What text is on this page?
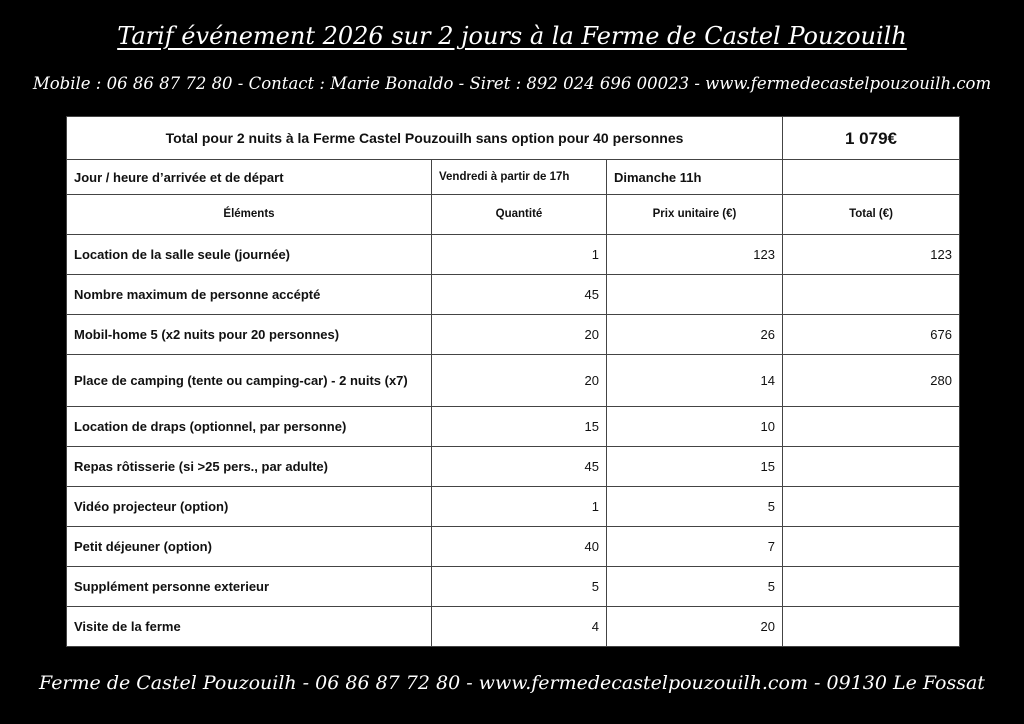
Tarif événement 2026 sur 2 jours à la Ferme de Castel Pouzouilh
Mobile : 06 86 87 72 80 - Contact : Marie Bonaldo - Siret : 892 024 696 00023 - www.fermedecastelpouzouilh.com
Total pour 2 nuits à la Ferme Castel Pouzouilh sans option pour 40 personnes			1 079€
Jour / heure d’arrivée et de départ	Vendredi à partir de 17h	Dimanche 11h	
Éléments	Quantité	Prix unitaire (€)	Total (€)
Location de la salle seule (journée)	1	123	123
Nombre maximum de personne accépté	45		
Mobil-home 5 (x2 nuits pour 20 personnes)	20	26	676
Place de camping (tente ou camping-car) - 2 nuits (x7)	20	14	280
Location de draps (optionnel, par personne)	15	10	
Repas rôtisserie (si >25 pers., par adulte)	45	15	
Vidéo projecteur (option)	1	5	
Petit déjeuner (option)	40	7	
Supplément personne exterieur	5	5	
Visite de la ferme	4	20	
Ferme de Castel Pouzouilh - 06 86 87 72 80 - www.fermedecastelpouzouilh.com - 09130 Le Fossat
